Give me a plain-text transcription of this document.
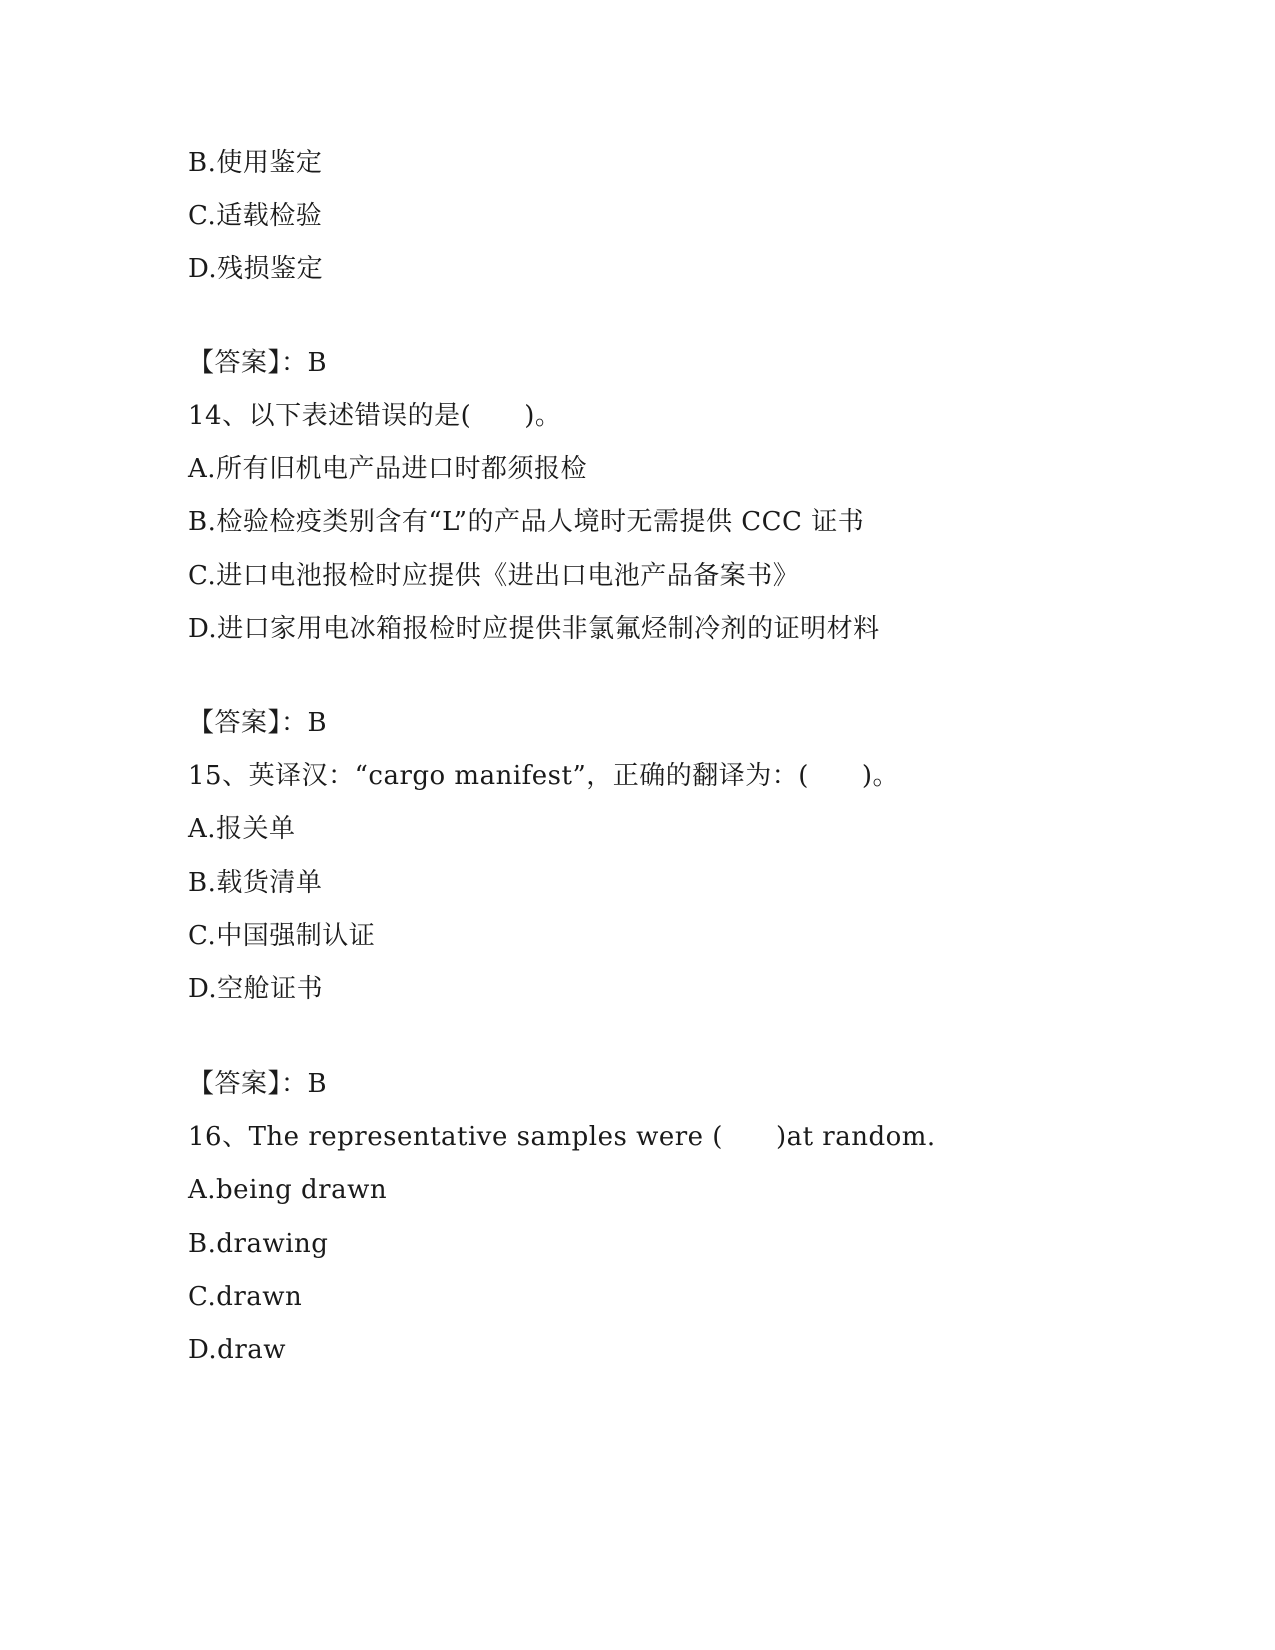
B.使用鉴定
C.适载检验
D.残损鉴定
【答案】：B
14、以下表述错误的是(　　)。
A.所有旧机电产品进口时都须报检
B.检验检疫类别含有“L”的产品人境时无需提供 CCC 证书
C.进口电池报检时应提供《进出口电池产品备案书》
D.进口家用电冰箱报检时应提供非氯氟烃制冷剂的证明材料
【答案】：B
15、英译汉：“cargo manifest”，正确的翻译为：(　　)。
A.报关单
B.载货清单
C.中国强制认证
D.空舱证书
【答案】：B
16、The representative samples were (　　)at random.
A.being drawn
B.drawing
C.drawn
D.draw
